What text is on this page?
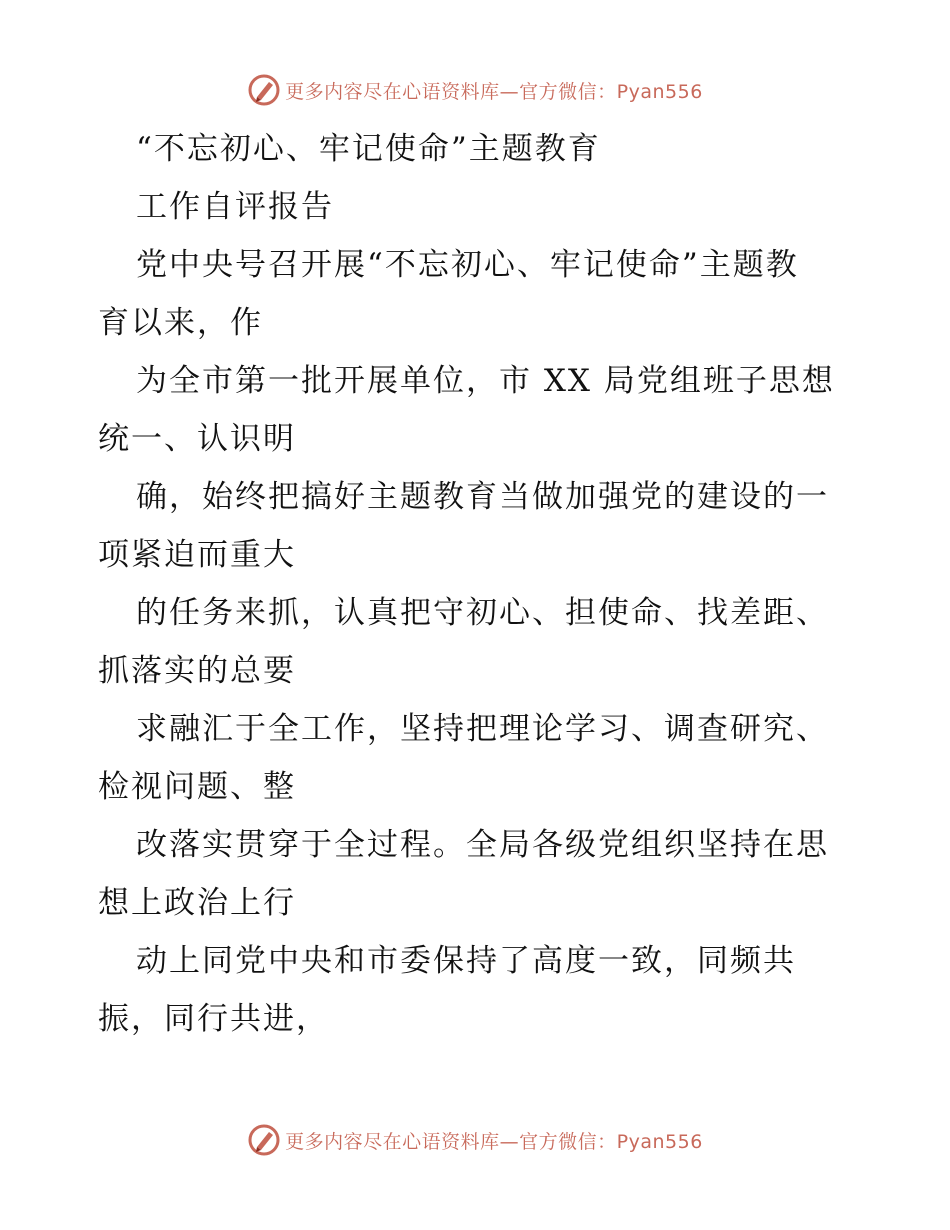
更多内容尽在心语资料库—官方微信：Pyan556
“不忘初心、牢记使命”主题教育
工作自评报告
党中央号召开展“不忘初心、牢记使命”主题教
育以来，作
为全市第一批开展单位，市 XX 局党组班子思想
统一、认识明
确，始终把搞好主题教育当做加强党的建设的一
项紧迫而重大
的任务来抓，认真把守初心、担使命、找差距、
抓落实的总要
求融汇于全工作，坚持把理论学习、调查研究、
检视问题、整
改落实贯穿于全过程。全局各级党组织坚持在思
想上政治上行
动上同党中央和市委保持了高度一致，同频共
振，同行共进，
更多内容尽在心语资料库—官方微信：Pyan556
